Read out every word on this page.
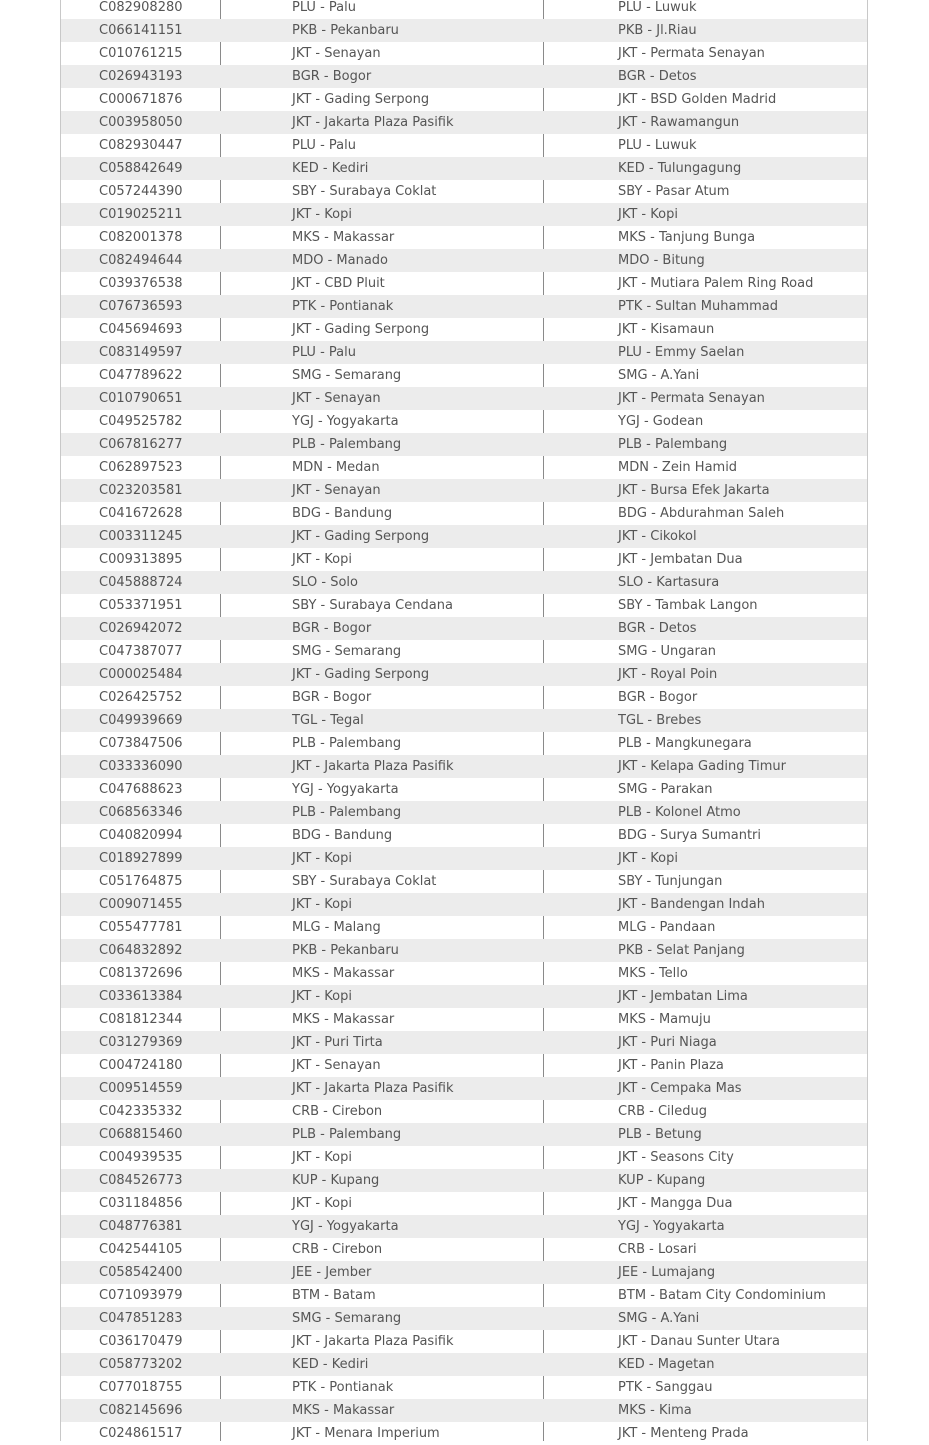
C082908280	PLU - Palu	PLU - Luwuk
C066141151	PKB - Pekanbaru	PKB - Jl.Riau
C010761215	JKT - Senayan	JKT - Permata Senayan
C026943193	BGR - Bogor	BGR - Detos
C000671876	JKT - Gading Serpong	JKT - BSD Golden Madrid
C003958050	JKT - Jakarta Plaza Pasifik	JKT - Rawamangun
C082930447	PLU - Palu	PLU - Luwuk
C058842649	KED - Kediri	KED - Tulungagung
C057244390	SBY - Surabaya Coklat	SBY - Pasar Atum
C019025211	JKT - Kopi	JKT - Kopi
C082001378	MKS - Makassar	MKS - Tanjung Bunga
C082494644	MDO - Manado	MDO - Bitung
C039376538	JKT - CBD Pluit	JKT - Mutiara Palem Ring Road
C076736593	PTK - Pontianak	PTK - Sultan Muhammad
C045694693	JKT - Gading Serpong	JKT - Kisamaun
C083149597	PLU - Palu	PLU - Emmy Saelan
C047789622	SMG - Semarang	SMG - A.Yani
C010790651	JKT - Senayan	JKT - Permata Senayan
C049525782	YGJ - Yogyakarta	YGJ - Godean
C067816277	PLB - Palembang	PLB - Palembang
C062897523	MDN - Medan	MDN - Zein Hamid
C023203581	JKT - Senayan	JKT - Bursa Efek Jakarta
C041672628	BDG - Bandung	BDG - Abdurahman Saleh
C003311245	JKT - Gading Serpong	JKT - Cikokol
C009313895	JKT - Kopi	JKT - Jembatan Dua
C045888724	SLO - Solo	SLO - Kartasura
C053371951	SBY - Surabaya Cendana	SBY - Tambak Langon
C026942072	BGR - Bogor	BGR - Detos
C047387077	SMG - Semarang	SMG - Ungaran
C000025484	JKT - Gading Serpong	JKT - Royal Poin
C026425752	BGR - Bogor	BGR - Bogor
C049939669	TGL - Tegal	TGL - Brebes
C073847506	PLB - Palembang	PLB - Mangkunegara
C033336090	JKT - Jakarta Plaza Pasifik	JKT - Kelapa Gading Timur
C047688623	YGJ - Yogyakarta	SMG - Parakan
C068563346	PLB - Palembang	PLB - Kolonel Atmo
C040820994	BDG - Bandung	BDG - Surya Sumantri
C018927899	JKT - Kopi	JKT - Kopi
C051764875	SBY - Surabaya Coklat	SBY - Tunjungan
C009071455	JKT - Kopi	JKT - Bandengan Indah
C055477781	MLG - Malang	MLG - Pandaan
C064832892	PKB - Pekanbaru	PKB - Selat Panjang
C081372696	MKS - Makassar	MKS - Tello
C033613384	JKT - Kopi	JKT - Jembatan Lima
C081812344	MKS - Makassar	MKS - Mamuju
C031279369	JKT - Puri Tirta	JKT - Puri Niaga
C004724180	JKT - Senayan	JKT - Panin Plaza
C009514559	JKT - Jakarta Plaza Pasifik	JKT - Cempaka Mas
C042335332	CRB - Cirebon	CRB - Ciledug
C068815460	PLB - Palembang	PLB - Betung
C004939535	JKT - Kopi	JKT - Seasons City
C084526773	KUP - Kupang	KUP - Kupang
C031184856	JKT - Kopi	JKT - Mangga Dua
C048776381	YGJ - Yogyakarta	YGJ - Yogyakarta
C042544105	CRB - Cirebon	CRB - Losari
C058542400	JEE - Jember	JEE - Lumajang
C071093979	BTM - Batam	BTM - Batam City Condominium
C047851283	SMG - Semarang	SMG - A.Yani
C036170479	JKT - Jakarta Plaza Pasifik	JKT - Danau Sunter Utara
C058773202	KED - Kediri	KED - Magetan
C077018755	PTK - Pontianak	PTK - Sanggau
C082145696	MKS - Makassar	MKS - Kima
C024861517	JKT - Menara Imperium	JKT - Menteng Prada
